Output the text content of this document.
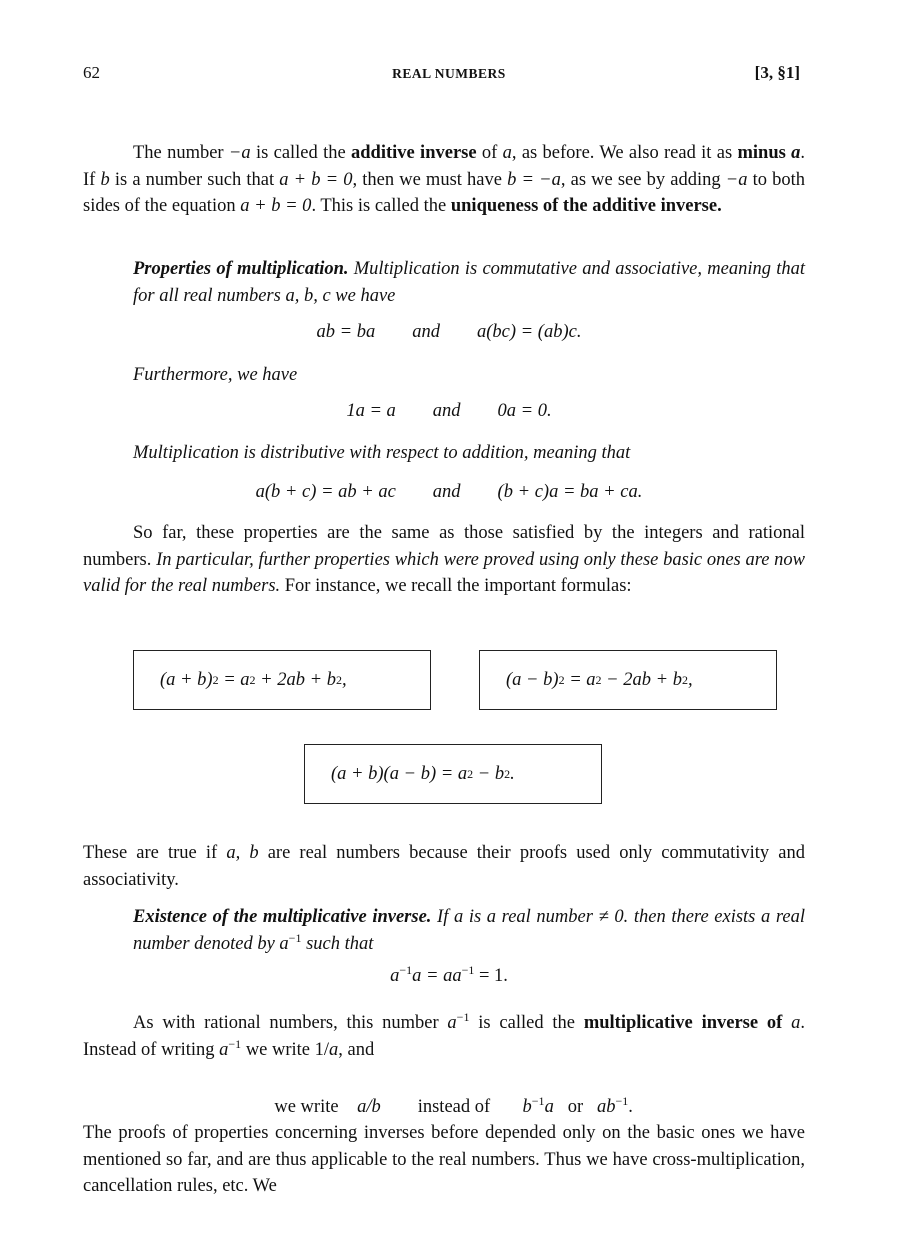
62	REAL NUMBERS	[3, §1]

The number −a is called the additive inverse of a, as before. We also read it as minus a. If b is a number such that a + b = 0, then we must have b = −a, as we see by adding −a to both sides of the equation a + b = 0. This is called the uniqueness of the additive inverse.

Properties of multiplication. Multiplication is commutative and associative, meaning that for all real numbers a, b, c we have

ab = ba        and        a(bc) = (ab)c.

Furthermore, we have

1a = a        and        0a = 0.

Multiplication is distributive with respect to addition, meaning that

a(b + c) = ab + ac        and        (b + c)a = ba + ca.

So far, these properties are the same as those satisfied by the integers and rational numbers. In particular, further properties which were proved using only these basic ones are now valid for the real numbers. For instance, we recall the important formulas:

(a + b) 2 = a 2 + 2ab + b 2 ,	(a − b) 2 = a 2 − 2ab + b 2 ,
(a + b)(a − b) = a 2 − b 2 .

These are true if a, b are real numbers because their proofs used only commutativity and associativity.

Existence of the multiplicative inverse. If a is a real number ≠ 0. then there exists a real number denoted by $a^{-1}$ such that

$a^{-1}a = aa^{-1} = 1$.

As with rational numbers, this number $a^{-1}$ is called the multiplicative inverse of a. Instead of writing $a^{-1}$ we write 1/a, and

we write a/b instead of $b^{-1}a$ or $ab^{-1}$.

The proofs of properties concerning inverses before depended only on the basic ones we have mentioned so far, and are thus applicable to the real numbers. Thus we have cross-multiplication, cancellation rules, etc. We
